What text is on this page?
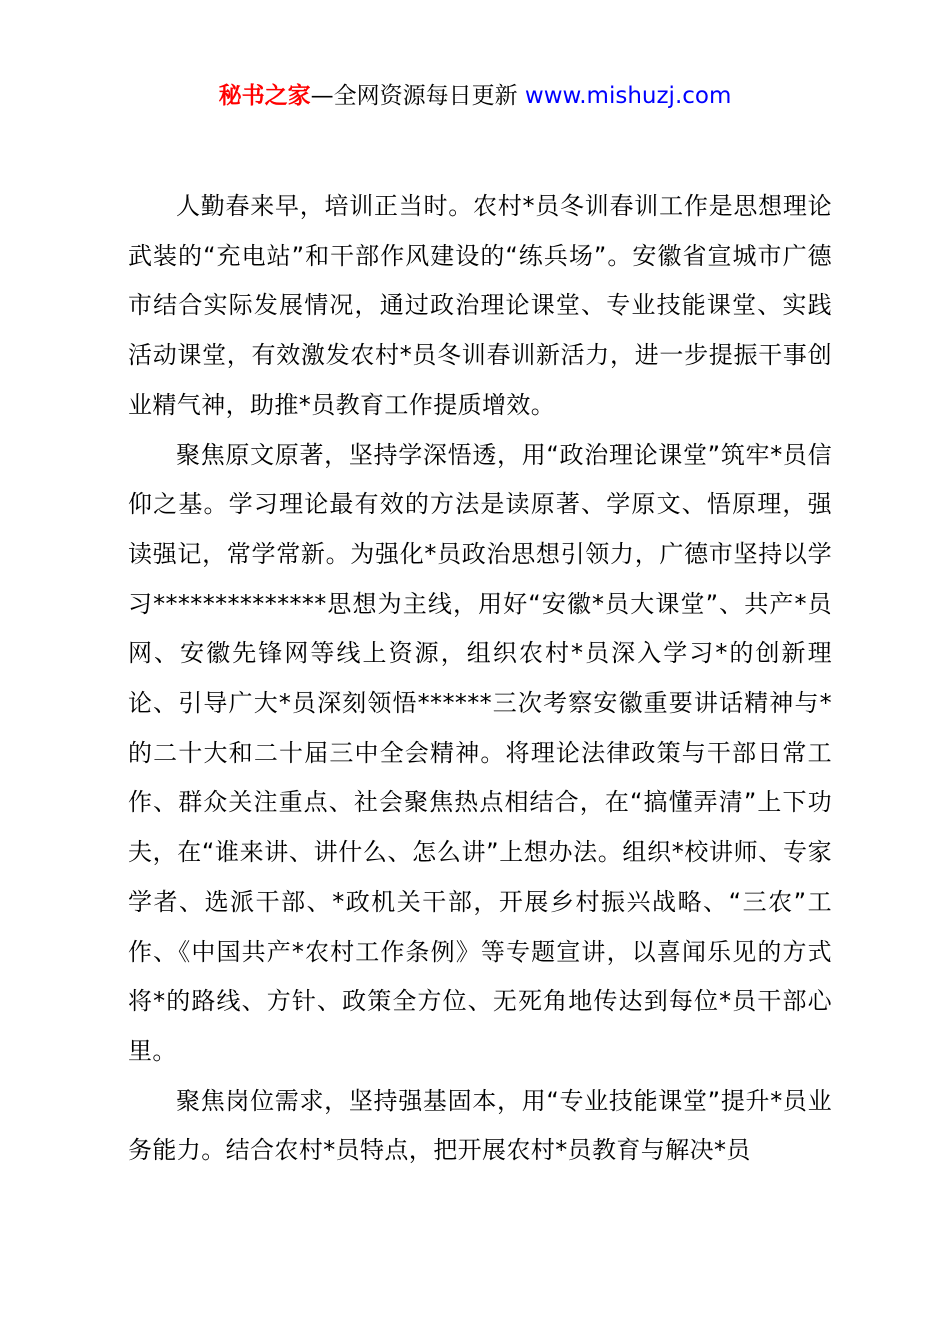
秘书之家—全网资源每日更新 www.mishuzj.com

人勤春来早，培训正当时。农村*员冬训春训工作是思想理论武装的“充电站”和干部作风建设的“练兵场”。安徽省宣城市广德市结合实际发展情况，通过政治理论课堂、专业技能课堂、实践活动课堂，有效激发农村*员冬训春训新活力，进一步提振干事创业精气神，助推*员教育工作提质增效。

聚焦原文原著，坚持学深悟透，用“政治理论课堂”筑牢*员信仰之基。学习理论最有效的方法是读原著、学原文、悟原理，强读强记，常学常新。为强化*员政治思想引领力，广德市坚持以学习**************思想为主线，用好“安徽*员大课堂”、共产*员网、安徽先锋网等线上资源，组织农村*员深入学习*的创新理论、引导广大*员深刻领悟******三次考察安徽重要讲话精神与*的二十大和二十届三中全会精神。将理论法律政策与干部日常工作、群众关注重点、社会聚焦热点相结合，在“搞懂弄清”上下功夫，在“谁来讲、讲什么、怎么讲”上想办法。组织*校讲师、专家学者、选派干部、*政机关干部，开展乡村振兴战略、“三农”工作、《中国共产*农村工作条例》等专题宣讲，以喜闻乐见的方式将*的路线、方针、政策全方位、无死角地传达到每位*员干部心里。

聚焦岗位需求，坚持强基固本，用“专业技能课堂”提升*员业务能力。结合农村*员特点，把开展农村*员教育与解决*员
